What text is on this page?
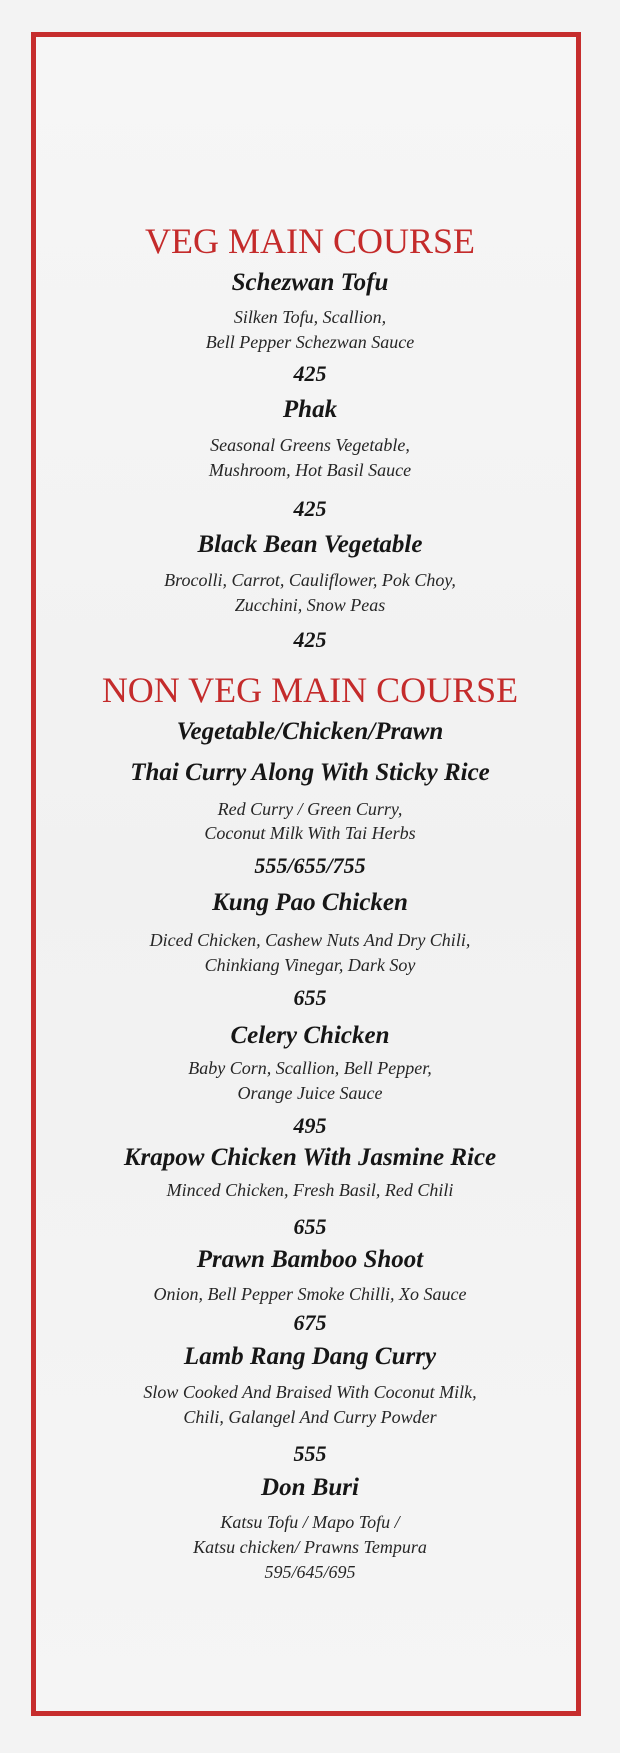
VEG MAIN COURSE
Schezwan Tofu
Silken Tofu, Scallion,
Bell Pepper Schezwan Sauce
425
Phak
Seasonal Greens Vegetable,
Mushroom, Hot Basil Sauce
425
Black Bean Vegetable
Brocolli, Carrot, Cauliflower, Pok Choy,
Zucchini, Snow Peas
425
NON VEG MAIN COURSE
Vegetable/Chicken/Prawn
Thai Curry Along With Sticky Rice
Red Curry / Green Curry,
Coconut Milk With Tai Herbs
555/655/755
Kung Pao Chicken
Diced Chicken, Cashew Nuts And Dry Chili,
Chinkiang Vinegar, Dark Soy
655
Celery Chicken
Baby Corn, Scallion, Bell Pepper,
Orange Juice Sauce
495
Krapow Chicken With Jasmine Rice
Minced Chicken, Fresh Basil, Red Chili
655
Prawn Bamboo Shoot
Onion, Bell Pepper Smoke Chilli, Xo Sauce
675
Lamb Rang Dang Curry
Slow Cooked And Braised With Coconut Milk,
Chili, Galangel And Curry Powder
555
Don Buri
Katsu Tofu / Mapo Tofu /
Katsu chicken/ Prawns Tempura
595/645/695
